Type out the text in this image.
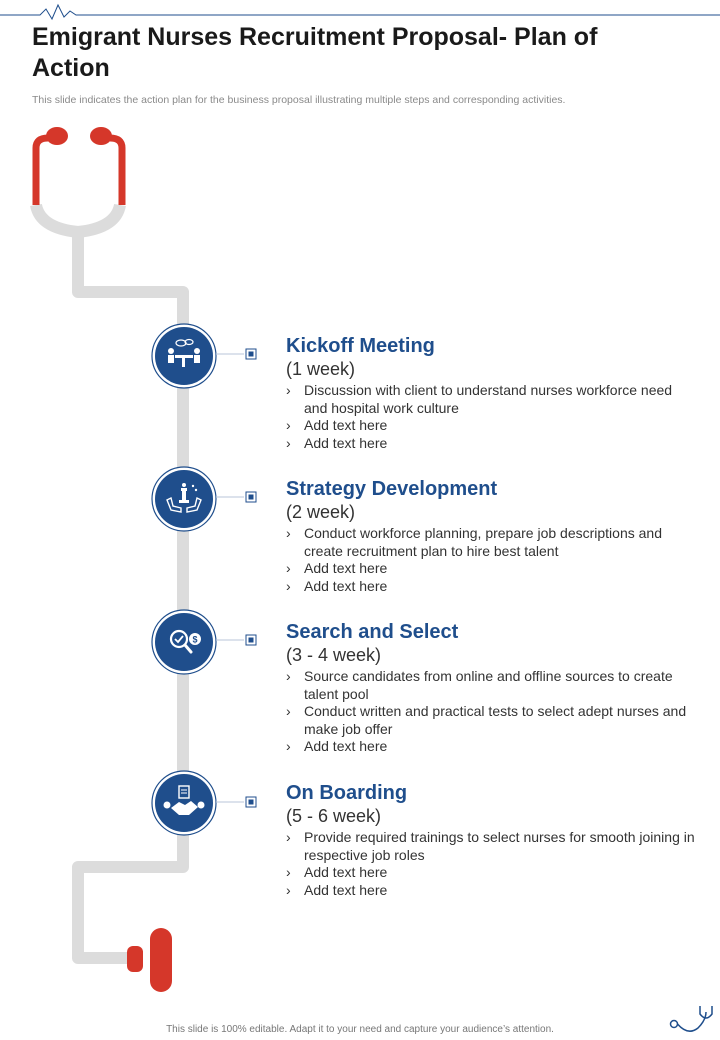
Emigrant Nurses Recruitment Proposal- Plan of Action
This slide indicates the action plan for the business proposal illustrating multiple steps and corresponding activities.
Kickoff Meeting
(1 week)
› Discussion with client to understand nurses workforce need and hospital work culture
› Add text here
› Add text here
Strategy Development
(2 week)
› Conduct workforce planning, prepare job descriptions and create recruitment plan to hire best talent
› Add text here
› Add text here
$	Search and Select
(3 - 4 week)
› Source candidates from online and offline sources to create talent pool
› Conduct written and practical tests to select adept nurses and make job offer
› Add text here
On Boarding
(5 - 6 week)
› Provide required trainings to select nurses for smooth joining in respective job roles
› Add text here
› Add text here
This slide is 100% editable. Adapt it to your need and capture your audience’s attention.
